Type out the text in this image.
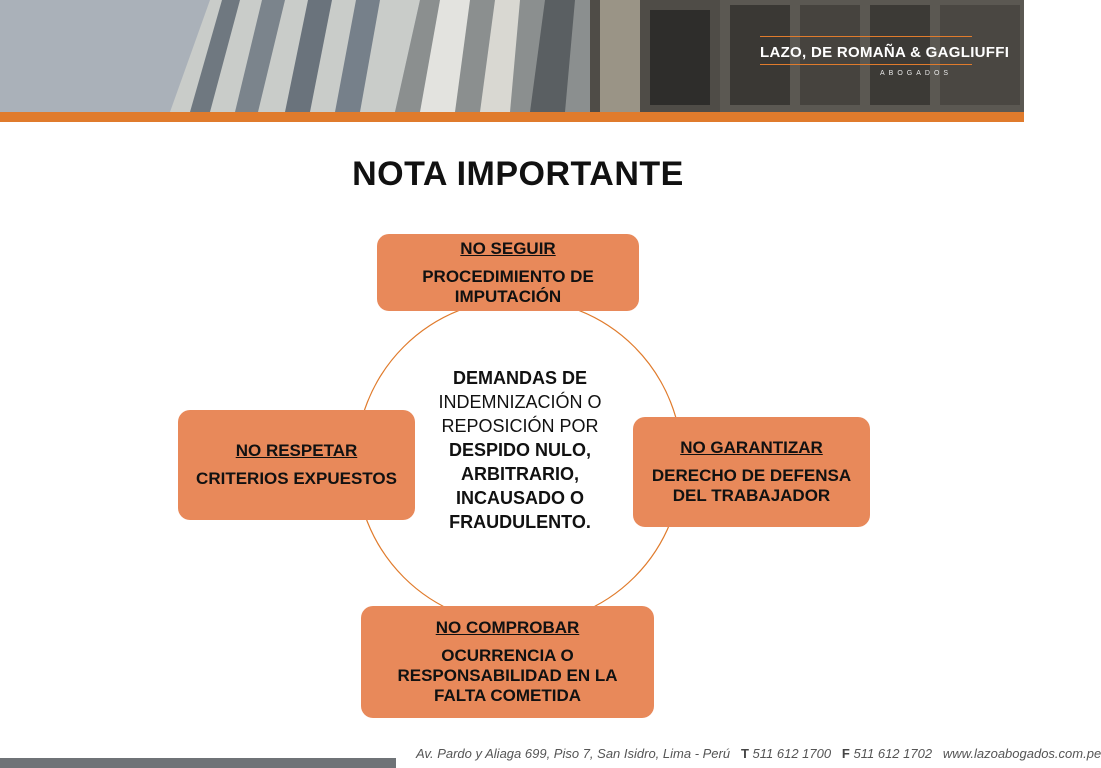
LAZO, DE ROMAÑA & GAGLIUFFI
ABOGADOS
NOTA IMPORTANTE
DEMANDAS DE
INDEMNIZACIÓN O REPOSICIÓN POR
DESPIDO NULO, ARBITRARIO, INCAUSADO O FRAUDULENTO.
NO SEGUIR
PROCEDIMIENTO DE IMPUTACIÓN
NO GARANTIZAR
DERECHO DE DEFENSA DEL TRABAJADOR
NO COMPROBAR
OCURRENCIA O RESPONSABILIDAD EN LA FALTA COMETIDA
NO RESPETAR
CRITERIOS EXPUESTOS
Av. Pardo y Aliaga 699, Piso 7, San Isidro, Lima - Perú T 511 612 1700 F 511 612 1702 www.lazoabogados.com.pe
